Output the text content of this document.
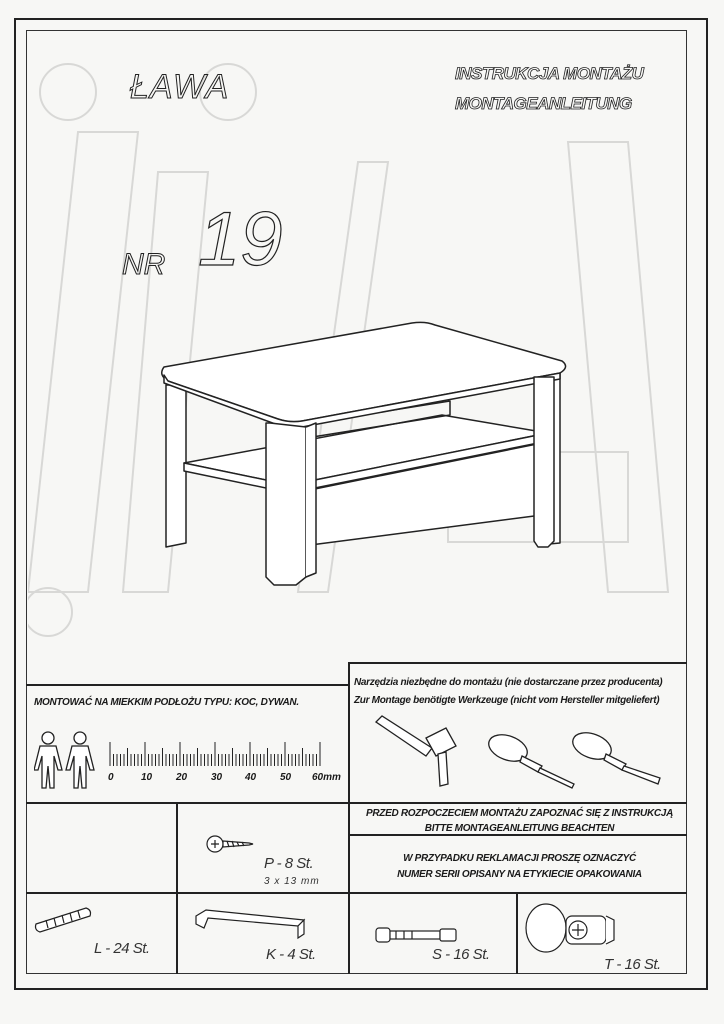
ŁAWA	INSTRUKCJA MONTAŻU
MONTAGEANLEITUNG
NR 19
MONTOWAĆ NA MIEKKIM PODŁOŻU TYPU: KOC, DYWAN.
0	10 20 30 40 50 60mm
Narzędzia niezbędne do montażu (nie dostarczane przez producenta)
Zur Montage benötigte Werkzeuge (nicht vom Hersteller mitgeliefert)
PRZED ROZPOCZECIEM MONTAŻU ZAPOZNAĆ SIĘ Z INSTRUKCJĄ
BITTE MONTAGEANLEITUNG BEACHTEN
W PRZYPADKU REKLAMACJI PROSZĘ OZNACZYĆ
NUMER SERII OPISANY NA ETYKIECIE OPAKOWANIA
P - 8 St.
3 x 13 mm
L - 24 St.	K - 4 St.	S - 16 St.
T - 16 St.
